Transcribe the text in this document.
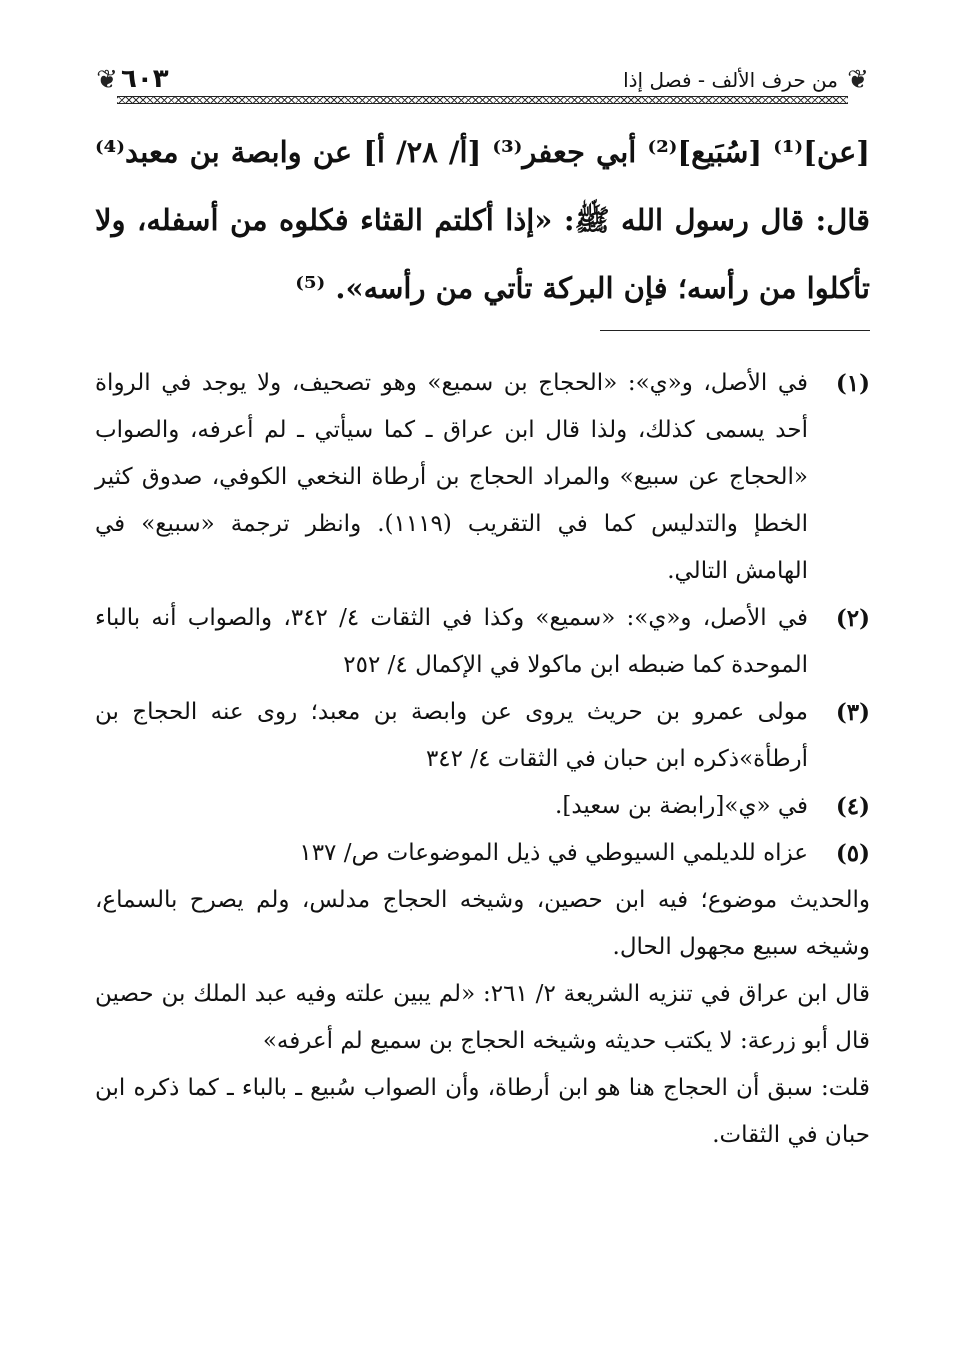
❦
من حرف الألف - فصل إذا
٦٠٣
❦
[عن]⁽¹⁾ [سُبَيع]⁽²⁾ أبي جعفر⁽³⁾ [أ/ ٢٨/ أ] عن وابصة بن معبد⁽⁴⁾ قال: قال رسول الله ﷺ: «إذا أكلتم القثاء فكلوه من أسفله، ولا تأكلوا من رأسه؛ فإن البركة تأتي من رأسه». ⁽⁵⁾
(١)
في الأصل، و«ي»: «الحجاج بن سميع» وهو تصحيف، ولا يوجد في الرواة أحد يسمى كذلك، ولذا قال ابن عراق ـ كما سيأتي ـ لم أعرفه، والصواب «الحجاج عن سبيع» والمراد الحجاج بن أرطاة النخعي الكوفي، صدوق كثير الخطإ والتدليس كما في التقريب (١١١٩). وانظر ترجمة «سبيع» في الهامش التالي.
(٢)
في الأصل، و«ي»: «سميع» وكذا في الثقات ٤/ ٣٤٢، والصواب أنه بالباء الموحدة كما ضبطه ابن ماكولا في الإكمال ٤/ ٢٥٢
(٣)
مولى عمرو بن حريث يروى عن وابصة بن معبد؛ روى عنه الحجاج بن أرطأة»ذكره ابن حبان في الثقات ٤/ ٣٤٢
(٤)
في «ي»[رابضة بن سعيد].
(٥)
عزاه للديلمي السيوطي في ذيل الموضوعات ص/ ١٣٧
والحديث موضوع؛ فيه ابن حصين، وشيخه الحجاج مدلس، ولم يصرح بالسماع، وشيخه سبيع مجهول الحال.
قال ابن عراق في تنزيه الشريعة ٢/ ٢٦١: «لم يبين علته وفيه عبد الملك بن حصين قال أبو زرعة: لا يكتب حديثه وشيخه الحجاج بن سميع لم أعرفه»
قلت: سبق أن الحجاج هنا هو ابن أرطاة، وأن الصواب سُبيع ـ بالباء ـ كما ذكره ابن حبان في الثقات.
